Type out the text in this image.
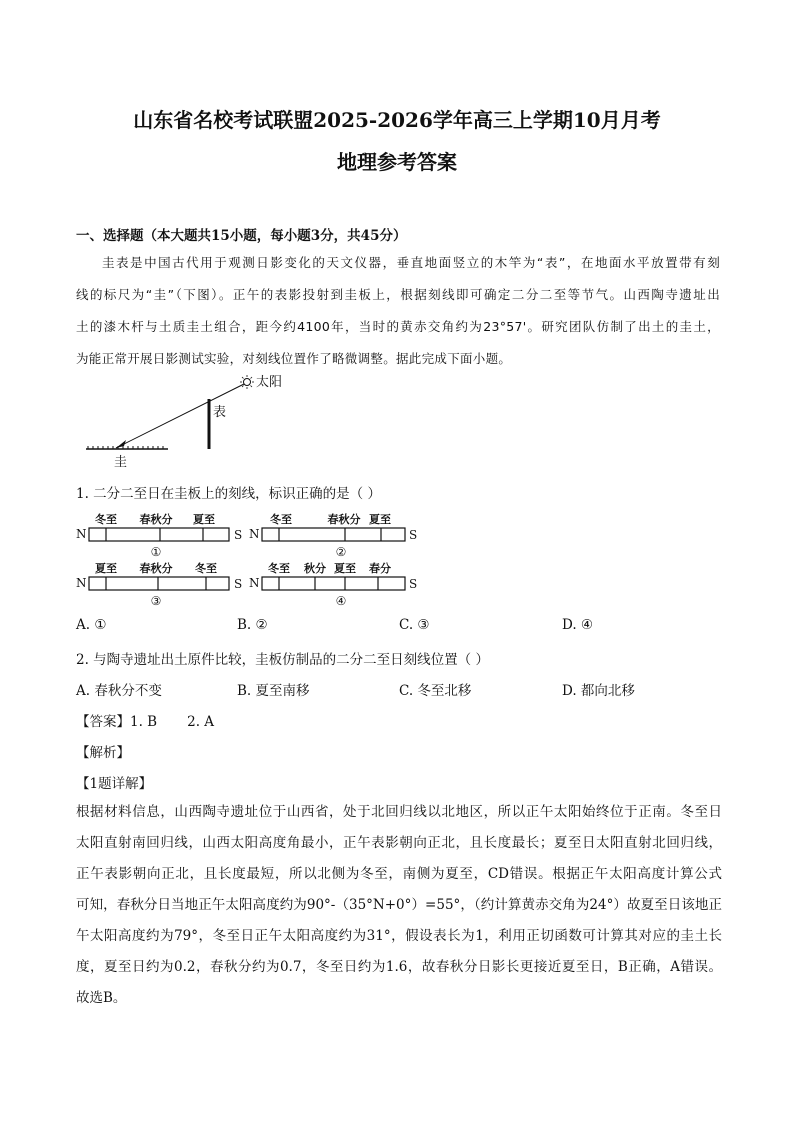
山东省名校考试联盟2025-2026学年高三上学期10月月考
地理参考答案
一、选择题（本大题共15小题，每小题3分，共45分）

圭表是中国古代用于观测日影变化的天文仪器，垂直地面竖立的木竿为“表”，在地面水平放置带有刻

线的标尺为“圭”（下图）。正午的表影投射到圭板上，根据刻线即可确定二分二至等节气。山西陶寺遗址出

土的漆木杆与土质圭土组合，距今约4100年，当时的黄赤交角约为23°57'。研究团队仿制了出土的圭土，

为能正常开展日影测试实验，对刻线位置作了略微调整。据此完成下面小题。

太阳
表
圭
1. 二分二至日在圭板上的刻线，标识正确的是（ ）
N
冬至 春秋分 夏至
S
①
N
冬至	春秋分 夏至
S
②
N
夏至 春秋分 冬至
S
③
N
冬至 秋分 夏至 春分
S
④
A. ①	B. ②	C. ③	D. ④
2. 与陶寺遗址出土原件比较，圭板仿制品的二分二至日刻线位置（ ）
A. 春秋分不变	B. 夏至南移	C. 冬至北移	D. 都向北移
【答案】1. B       2. A
【解析】
【1题详解】

根据材料信息，山西陶寺遗址位于山西省，处于北回归线以北地区，所以正午太阳始终位于正南。冬至日

太阳直射南回归线，山西太阳高度角最小，正午表影朝向正北，且长度最长；夏至日太阳直射北回归线，

正午表影朝向正北，且长度最短，所以北侧为冬至，南侧为夏至，CD错误。根据正午太阳高度计算公式

可知，春秋分日当地正午太阳高度约为90°-（35°N+0°）=55°，（约计算黄赤交角为24°）故夏至日该地正

午太阳高度约为79°，冬至日正午太阳高度约为31°，假设表长为1，利用正切函数可计算其对应的圭土长

度，夏至日约为0.2，春秋分约为0.7，冬至日约为1.6，故春秋分日影长更接近夏至日，B正确，A错误。

故选B。
